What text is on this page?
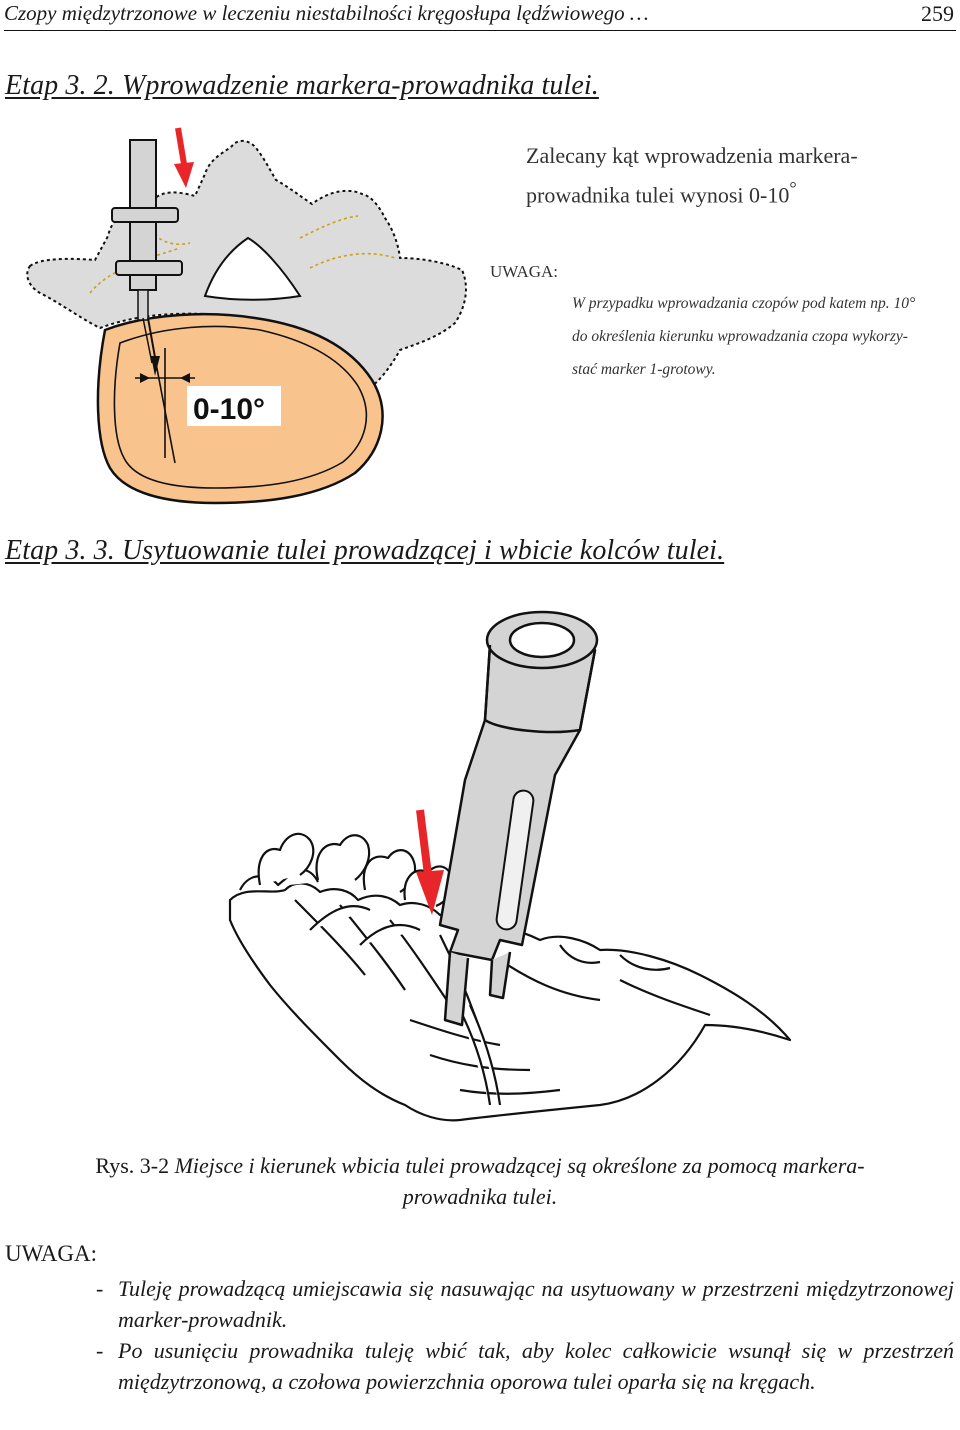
Czopy międzytrzonowe w leczeniu niestabilności kręgosłupa lędźwiowego …	259
Etap 3. 2. Wprowadzenie markera-prowadnika tulei.
0-10°
Zalecany kąt wprowadzenia markera-
prowadnika tulei wynosi 0-10°
UWAGA:
W przypadku wprowadzania czopów pod katem np. 10°
do określenia kierunku wprowadzania czopa wykorzy-
stać marker 1-grotowy.
Etap 3. 3. Usytuowanie tulei prowadzącej i wbicie kolców tulei.
Rys. 3-2 Miejsce i kierunek wbicia tulei prowadzącej są określone za pomocą markera-
prowadnika tulei.
UWAGA:
- Tuleję prowadzącą umiejscawia się nasuwając na usytuowany w przestrzeni międzytrzonowej marker-prowadnik.
- Po usunięciu prowadnika tuleję wbić tak, aby kolec całkowicie wsunął się w przestrzeń międzytrzonową, a czołowa powierzchnia oporowa tulei oparła się na kręgach.
